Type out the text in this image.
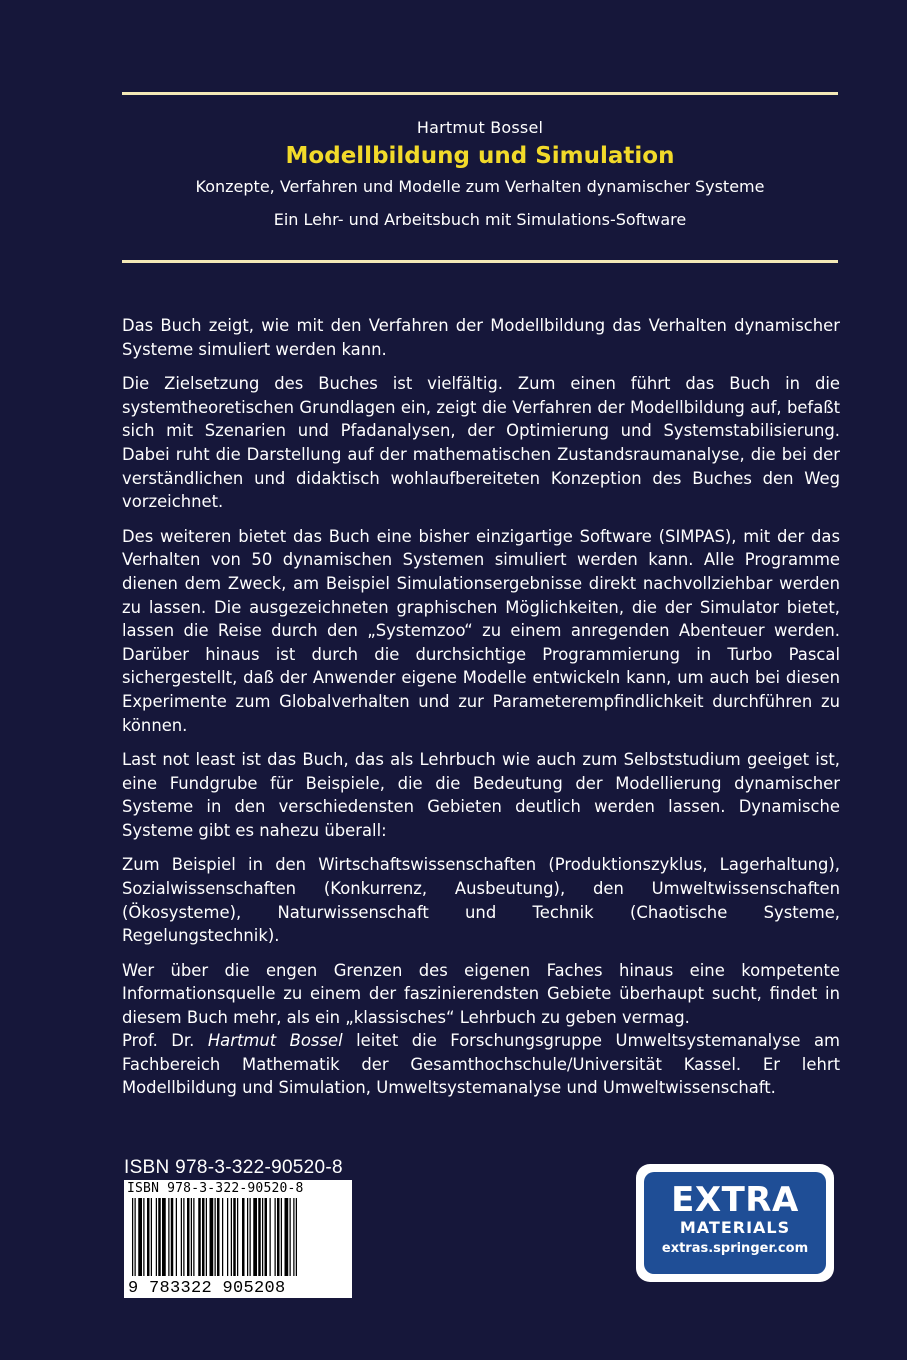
Hartmut Bossel
Modellbildung und Simulation
Konzepte, Verfahren und Modelle zum Verhalten dynamischer Systeme
Ein Lehr- und Arbeitsbuch mit Simulations-Software

Das Buch zeigt, wie mit den Verfahren der Modellbildung das Verhalten dynamischer Systeme simuliert werden kann.

Die Zielsetzung des Buches ist vielfältig. Zum einen führt das Buch in die systemtheoretischen Grundlagen ein, zeigt die Verfahren der Modellbildung auf, befaßt sich mit Szenarien und Pfadanalysen, der Optimierung und Systemstabilisierung. Dabei ruht die Darstellung auf der mathematischen Zustandsraumanalyse, die bei der verständlichen und didaktisch wohlaufbereiteten Konzeption des Buches den Weg vorzeichnet.

Des weiteren bietet das Buch eine bisher einzigartige Software (SIMPAS), mit der das Verhalten von 50 dynamischen Systemen simuliert werden kann. Alle Programme dienen dem Zweck, am Beispiel Simulationsergebnisse direkt nachvollziehbar werden zu lassen. Die ausgezeichneten graphischen Möglichkeiten, die der Simulator bietet, lassen die Reise durch den „Systemzoo“ zu einem anregenden Abenteuer werden. Darüber hinaus ist durch die durchsichtige Programmierung in Turbo Pascal sichergestellt, daß der Anwender eigene Modelle entwickeln kann, um auch bei diesen Experimente zum Globalverhalten und zur Parameterempfindlichkeit durchführen zu können.

Last not least ist das Buch, das als Lehrbuch wie auch zum Selbststudium geeiget ist, eine Fundgrube für Beispiele, die die Bedeutung der Modellierung dynamischer Systeme in den verschiedensten Gebieten deutlich werden lassen. Dynamische Systeme gibt es nahezu überall:

Zum Beispiel in den Wirtschaftswissenschaften (Produktionszyklus, Lagerhaltung), Sozialwissenschaften (Konkurrenz, Ausbeutung), den Umweltwissenschaften (Ökosysteme), Naturwissenschaft und Technik (Chaotische Systeme, Regelungstechnik).

Wer über die engen Grenzen des eigenen Faches hinaus eine kompetente Informationsquelle zu einem der faszinierendsten Gebiete überhaupt sucht, findet in diesem Buch mehr, als ein „klassisches“ Lehrbuch zu geben vermag.

Prof. Dr. Hartmut Bossel leitet die Forschungsgruppe Umweltsystemanalyse am Fachbereich Mathematik der Gesamthochschule/Universität Kassel. Er lehrt Modellbildung und Simulation, Umweltsystemanalyse und Umweltwissenschaft.

ISBN 978-3-322-90520-8
ISBN 978-3-322-90520-8
9 783322 905208
EXTRA
MATERIALS
extras.springer.com
